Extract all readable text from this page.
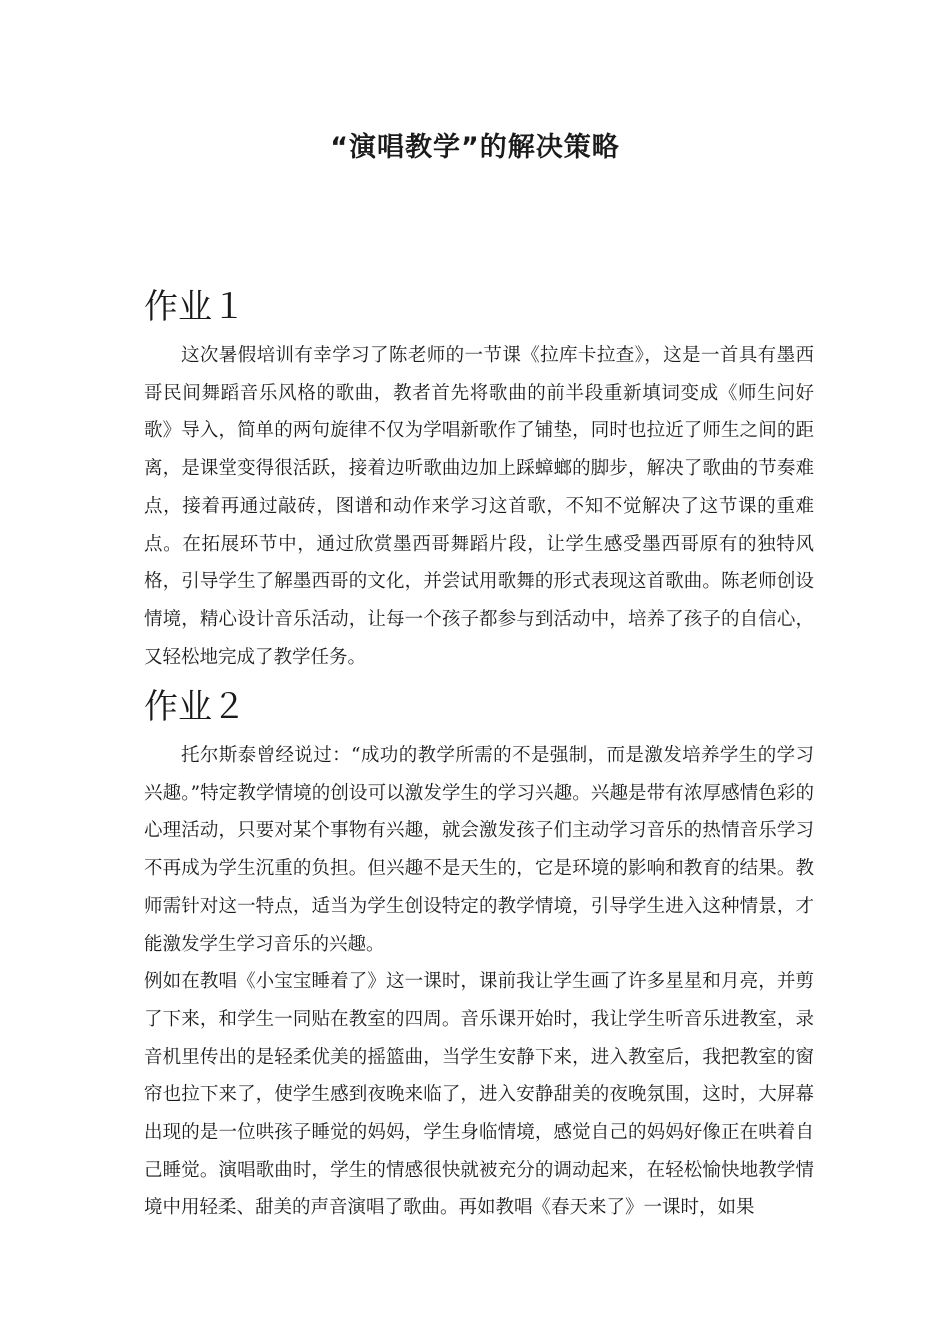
“演唱教学”的解决策略
作业１

这次暑假培训有幸学习了陈老师的一节课《拉库卡拉查》，这是一首具有墨西哥民间舞蹈音乐风格的歌曲，教者首先将歌曲的前半段重新填词变成《师生问好歌》导入，简单的两句旋律不仅为学唱新歌作了铺垫，同时也拉近了师生之间的距离，是课堂变得很活跃，接着边听歌曲边加上踩蟑螂的脚步，解决了歌曲的节奏难点，接着再通过敲砖，图谱和动作来学习这首歌，不知不觉解决了这节课的重难点。在拓展环节中，通过欣赏墨西哥舞蹈片段，让学生感受墨西哥原有的独特风格，引导学生了解墨西哥的文化，并尝试用歌舞的形式表现这首歌曲。陈老师创设情境，精心设计音乐活动，让每一个孩子都参与到活动中，培养了孩子的自信心，又轻松地完成了教学任务。

作业２

托尔斯泰曾经说过：“成功的教学所需的不是强制，而是激发培养学生的学习兴趣。”特定教学情境的创设可以激发学生的学习兴趣。兴趣是带有浓厚感情色彩的心理活动，只要对某个事物有兴趣，就会激发孩子们主动学习音乐的热情音乐学习不再成为学生沉重的负担。但兴趣不是天生的，它是环境的影响和教育的结果。教师需针对这一特点，适当为学生创设特定的教学情境，引导学生进入这种情景，才能激发学生学习音乐的兴趣。

例如在教唱《小宝宝睡着了》这一课时，课前我让学生画了许多星星和月亮，并剪了下来，和学生一同贴在教室的四周。音乐课开始时，我让学生听音乐进教室，录音机里传出的是轻柔优美的摇篮曲，当学生安静下来，进入教室后，我把教室的窗帘也拉下来了，使学生感到夜晚来临了，进入安静甜美的夜晚氛围，这时，大屏幕出现的是一位哄孩子睡觉的妈妈，学生身临情境，感觉自己的妈妈好像正在哄着自己睡觉。演唱歌曲时，学生的情感很快就被充分的调动起来，在轻松愉快地教学情境中用轻柔、甜美的声音演唱了歌曲。再如教唱《春天来了》一课时，如果
